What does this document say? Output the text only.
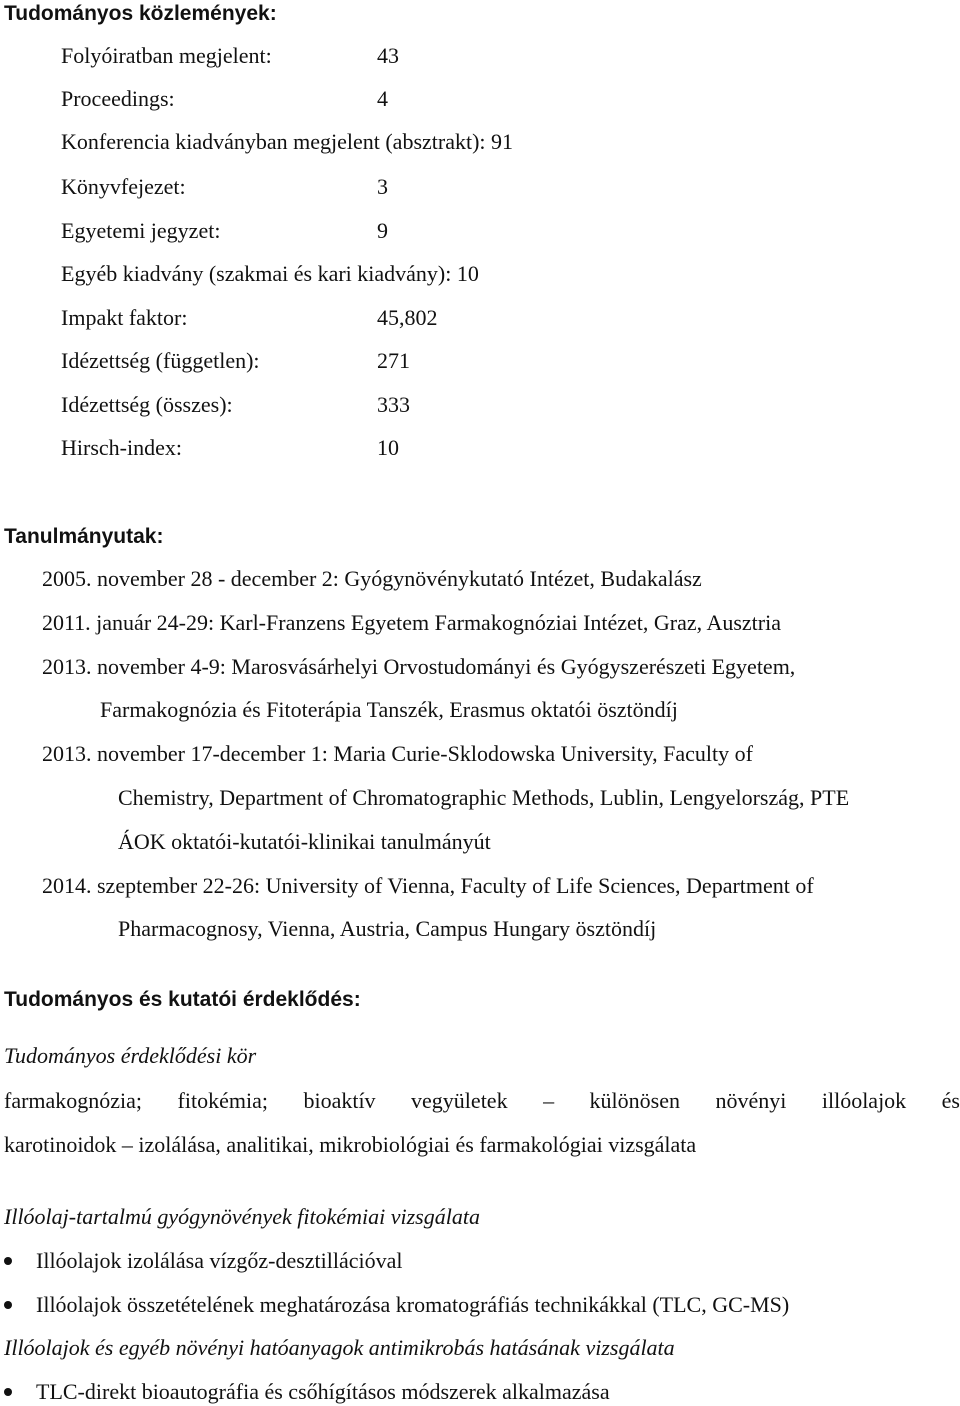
Tudományos közlemények:
Folyóiratban megjelent:	43
Proceedings:	4
Konferencia kiadványban megjelent (absztrakt): 91
Könyvfejezet:	3
Egyetemi jegyzet:	9
Egyéb kiadvány (szakmai és kari kiadvány): 10
Impakt faktor:	45,802
Idézettség (független):	271
Idézettség (összes):	333
Hirsch-index:	10
Tanulmányutak:
2005. november 28 - december 2: Gyógynövénykutató Intézet, Budakalász
2011. január 24-29: Karl-Franzens Egyetem Farmakognóziai Intézet, Graz, Ausztria
2013. november 4-9: Marosvásárhelyi Orvostudományi és Gyógyszerészeti Egyetem,
Farmakognózia és Fitoterápia Tanszék, Erasmus oktatói ösztöndíj
2013. november 17-december 1: Maria Curie-Sklodowska University, Faculty of
Chemistry, Department of Chromatographic Methods, Lublin, Lengyelország, PTE
ÁOK oktatói-kutatói-klinikai tanulmányút
2014. szeptember 22-26: University of Vienna, Faculty of Life Sciences, Department of
Pharmacognosy, Vienna, Austria, Campus Hungary ösztöndíj
Tudományos és kutatói érdeklődés:
Tudományos érdeklődési kör
farmakognózia; fitokémia; bioaktív vegyületek – különösen növényi illóolajok és
karotinoidok – izolálása, analitikai, mikrobiológiai és farmakológiai vizsgálata
Illóolaj-tartalmú gyógynövények fitokémiai vizsgálata
Illóolajok izolálása vízgőz-desztillációval
Illóolajok összetételének meghatározása kromatográfiás technikákkal (TLC, GC-MS)
Illóolajok és egyéb növényi hatóanyagok antimikrobás hatásának vizsgálata
TLC-direkt bioautográfia és csőhígításos módszerek alkalmazása
